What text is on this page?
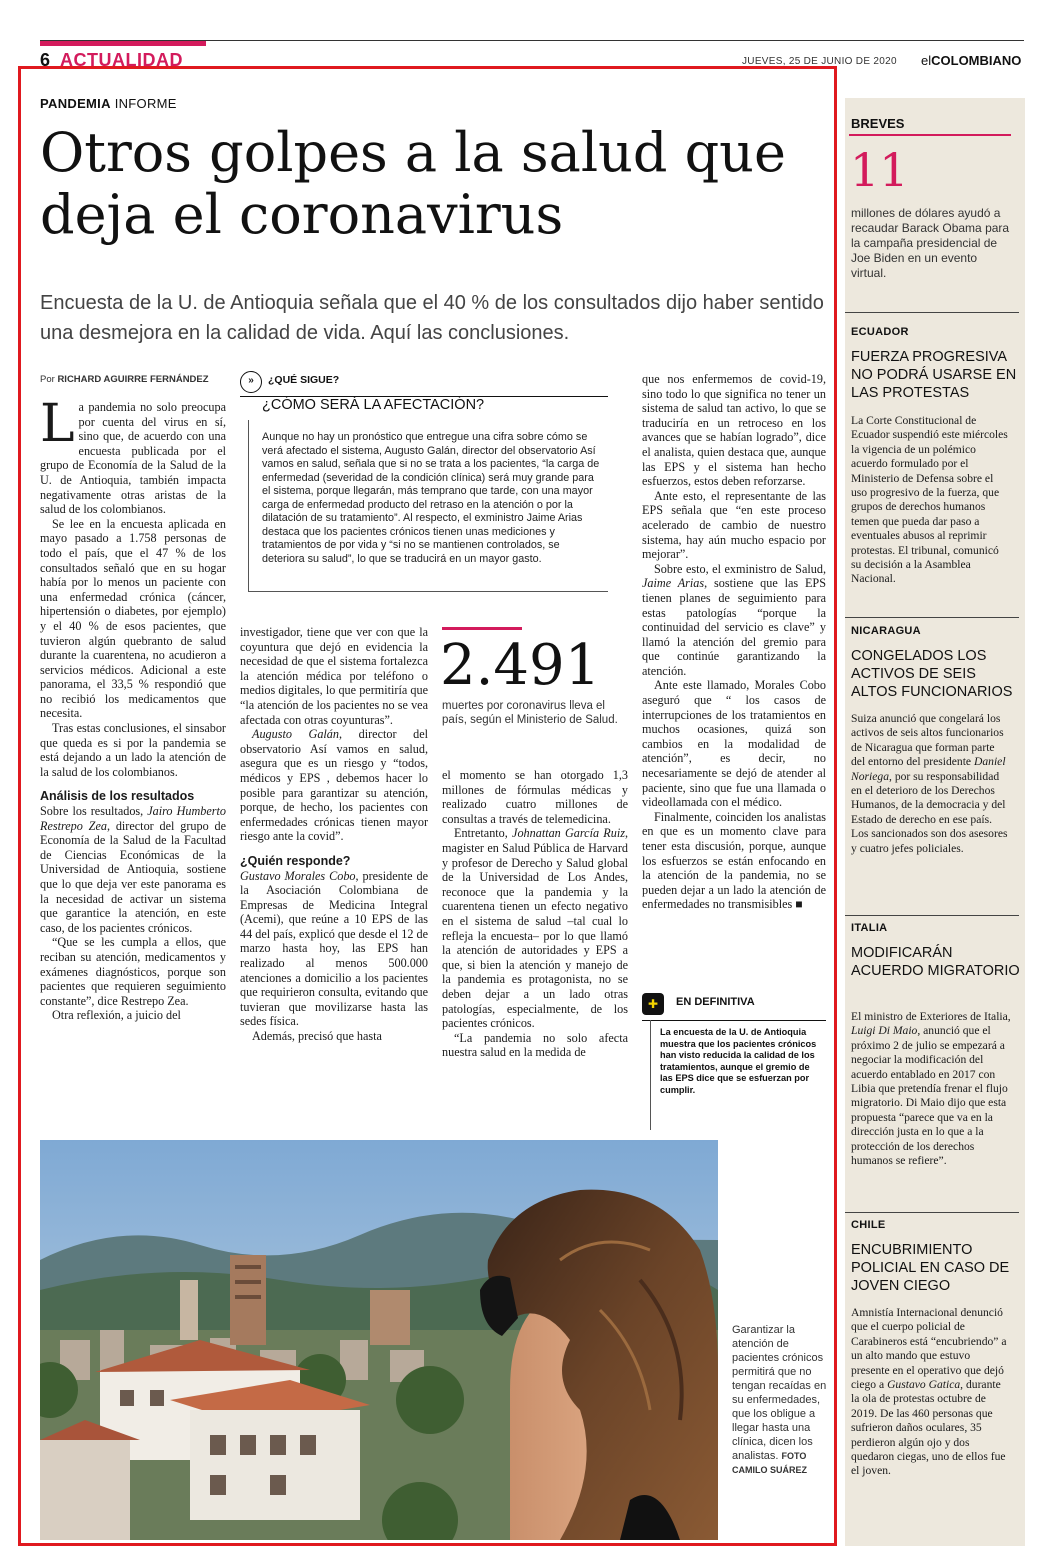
6 ACTUALIDAD	JUEVES, 25 DE JUNIO DE 2020 elCOLOMBIANO
PANDEMIA INFORME
Otros golpes a la salud que deja el coronavirus
Encuesta de la U. de Antioquia señala que el 40 % de los consultados dijo haber sentido una desmejora en la calidad de vida. Aquí las conclusiones.
Por RICHARD AGUIRRE FERNÁNDEZ

La pandemia no solo preocupa por cuenta del virus en sí, sino que, de acuerdo con una encuesta publicada por el grupo de Economía de la Salud de la U. de Antioquia, también impacta negativamente otras aristas de la salud de los colombianos.

Se lee en la encuesta aplicada en mayo pasado a 1.758 personas de todo el país, que el 47 % de los consultados señaló que en su hogar había por lo menos un paciente con una enfermedad crónica (cáncer, hipertensión o diabetes, por ejemplo) y el 40 % de esos pacientes, que tuvieron algún quebranto de salud durante la cuarentena, no acudieron a servicios médicos. Adicional a este panorama, el 33,5 % respondió que no recibió los medicamentos que necesita.

Tras estas conclusiones, el sinsabor que queda es si por la pandemia se está dejando a un lado la atención de la salud de los colombianos.

Análisis de los resultados

Sobre los resultados, Jairo Humberto Restrepo Zea, director del grupo de Economía de la Salud de la Facultad de Ciencias Económicas de la Universidad de Antioquia, sostiene que lo que deja ver este panorama es la necesidad de activar un sistema que garantice la atención, en este caso, de los pacientes crónicos.

“Que se les cumpla a ellos, que reciban su atención, medicamentos y exámenes diagnósticos, porque son pacientes que requieren seguimiento constante”, dice Restrepo Zea.

Otra reflexión, a juicio del

»	¿QUÉ SIGUE?
¿CÓMO SERÁ LA AFECTACIÓN?
Aunque no hay un pronóstico que entregue una cifra sobre cómo se verá afectado el sistema, Augusto Galán, director del observatorio Así vamos en salud, señala que si no se trata a los pacientes, “la carga de enfermedad (severidad de la condición clínica) será muy grande para el sistema, porque llegarán, más temprano que tarde, con una mayor carga de enfermedad producto del retraso en la atención o por la dilatación de su tratamiento”. Al respecto, el exministro Jaime Arias destaca que los pacientes crónicos tienen unas mediciones y tratamientos de por vida y “si no se mantienen controlados, se deteriora su salud”, lo que se traducirá en un mayor gasto.

investigador, tiene que ver con que la coyuntura que dejó en evidencia la necesidad de que el sistema fortalezca la atención médica por teléfono o medios digitales, lo que permitiría que “la atención de los pacientes no se vea afectada con otras coyunturas”.

Augusto Galán, director del observatorio Así vamos en salud, asegura que es un riesgo y “todos, médicos y EPS , debemos hacer lo posible para garantizar su atención, porque, de hecho, los pacientes con enfermedades crónicas tienen mayor riesgo ante la covid”.

¿Quién responde?

Gustavo Morales Cobo, presidente de la Asociación Colombiana de Empresas de Medicina Integral (Acemi), que reúne a 10 EPS de las 44 del país, explicó que desde el 12 de marzo hasta hoy, las EPS han realizado al menos 500.000 atenciones a domicilio a los pacientes que requirieron consulta, evitando que tuvieran que movilizarse hasta las sedes física.

Además, precisó que hasta

2.491
muertes por coronavirus lleva el país, según el Ministerio de Salud.

el momento se han otorgado 1,3 millones de fórmulas médicas y realizado cuatro millones de consultas a través de telemedicina.

Entretanto, Johnattan García Ruiz, magister en Salud Pública de Harvard y profesor de Derecho y Salud global de la Universidad de Los Andes, reconoce que la pandemia y la cuarentena tienen un efecto negativo en el sistema de salud –tal cual lo refleja la encuesta– por lo que llamó la atención de autoridades y EPS a que, si bien la atención y manejo de la pandemia es protagonista, no se deben dejar a un lado otras patologías, especialmente, de los pacientes crónicos.

“La pandemia no solo afecta nuestra salud en la medida de

que nos enfermemos de covid-19, sino todo lo que significa no tener un sistema de salud tan activo, lo que se traduciría en un retroceso en los avances que se habían logrado”, dice el analista, quien destaca que, aunque las EPS y el sistema han hecho esfuerzos, estos deben reforzarse.

Ante esto, el representante de las EPS señala que “en este proceso acelerado de cambio de nuestro sistema, hay aún mucho espacio por mejorar”.

Sobre esto, el exministro de Salud, Jaime Arias, sostiene que las EPS tienen planes de seguimiento para estas patologías “porque la continuidad del servicio es clave” y llamó la atención del gremio para que continúe garantizando la atención.

Ante este llamado, Morales Cobo aseguró que “ los casos de interrupciones de los tratamientos en muchos ocasiones, quizá son cambios en la modalidad de atención”, es decir, no necesariamente se dejó de atender al paciente, sino que fue una llamada o videollamada con el médico.

Finalmente, coinciden los analistas en que es un momento clave para tener esta discusión, porque, aunque los esfuerzos se están enfocando en la atención de la pandemia, no se pueden dejar a un lado la atención de enfermedades no transmisibles ■

✚	EN DEFINITIVA
La encuesta de la U. de Antioquia muestra que los pacientes crónicos han visto reducida la calidad de los tratamientos, aunque el gremio de las EPS dice que se esfuerzan por cumplir.
Garantizar la atención de pacientes crónicos permitirá que no tengan recaídas en su enfermedades, que los obligue a llegar hasta una clínica, dicen los analistas. FOTO CAMILO SUÁREZ
BREVES
11
millones de dólares ayudó a recaudar Barack Obama para la campaña presidencial de Joe Biden en un evento virtual.
ECUADOR
FUERZA PROGRESIVA NO PODRÁ USARSE EN LAS PROTESTAS
La Corte Constitucional de Ecuador suspendió este miércoles la vigencia de un polémico acuerdo formulado por el Ministerio de Defensa sobre el uso progresivo de la fuerza, que grupos de derechos humanos temen que pueda dar paso a eventuales abusos al reprimir protestas. El tribunal, comunicó su decisión a la Asamblea Nacional.
NICARAGUA
CONGELADOS LOS ACTIVOS DE SEIS ALTOS FUNCIONARIOS
Suiza anunció que congelará los activos de seis altos funcionarios de Nicaragua que forman parte del entorno del presidente Daniel Noriega, por su responsabilidad en el deterioro de los Derechos Humanos, de la democracia y del Estado de derecho en ese país. Los sancionados son dos asesores y cuatro jefes policiales.
ITALIA
MODIFICARÁN ACUERDO MIGRATORIO
El ministro de Exteriores de Italia, Luigi Di Maio, anunció que el próximo 2 de julio se empezará a negociar la modificación del acuerdo entablado en 2017 con Libia que pretendía frenar el flujo migratorio. Di Maio dijo que esta propuesta “parece que va en la dirección justa en lo que a la protección de los derechos humanos se refiere”.
CHILE
ENCUBRIMIENTO POLICIAL EN CASO DE JOVEN CIEGO
Amnistía Internacional denunció que el cuerpo policial de Carabineros está “encubriendo” a un alto mando que estuvo presente en el operativo que dejó ciego a Gustavo Gatica, durante la ola de protestas octubre de 2019. De las 460 personas que sufrieron daños oculares, 35 perdieron algún ojo y dos quedaron ciegas, uno de ellos fue el joven.
